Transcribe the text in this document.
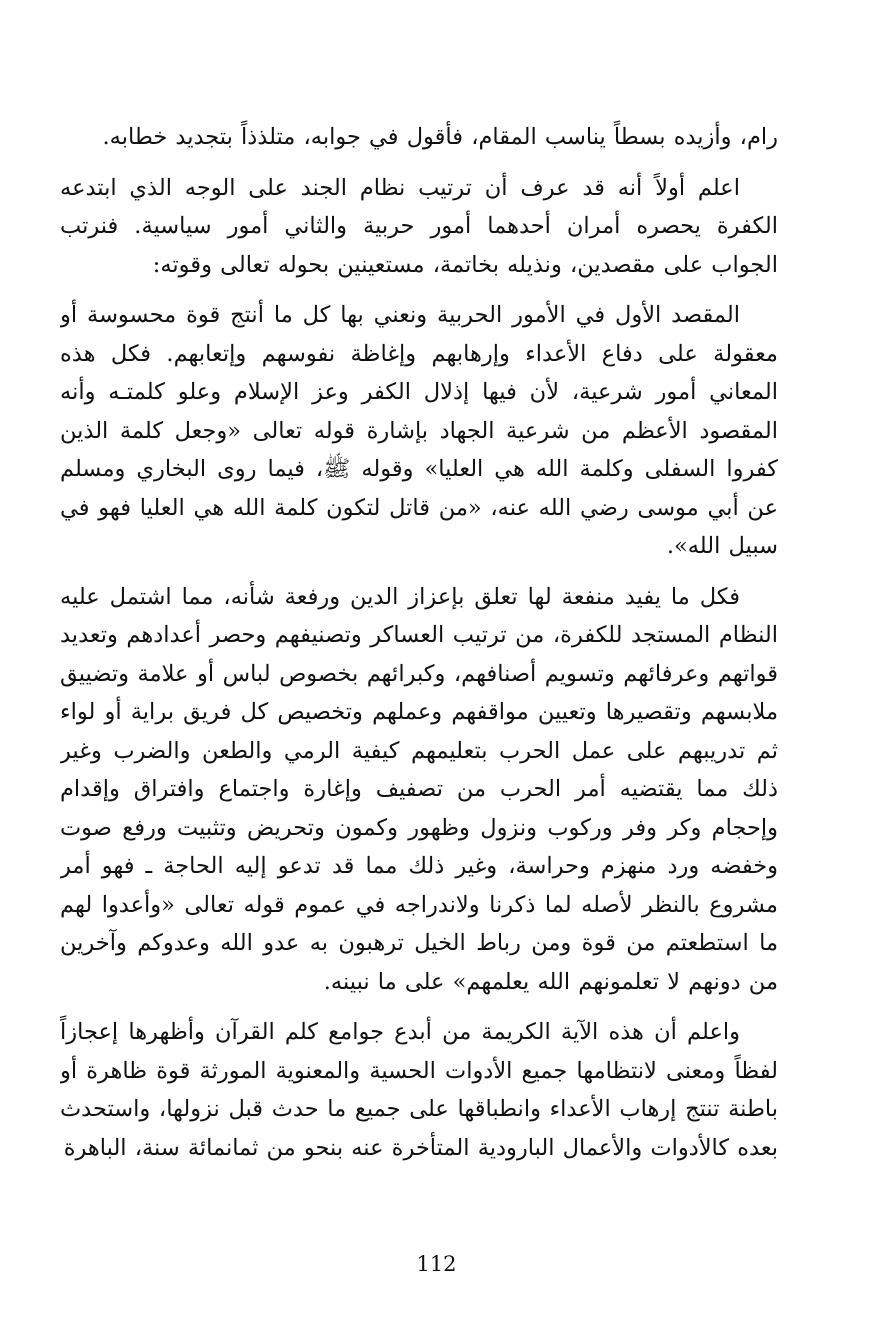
رام، وأزيده بسطاً يناسب المقام، فأقول في جوابه، متلذذاً بتجديد خطابه.

اعلم أولاً أنه قد عرف أن ترتيب نظام الجند على الوجه الذي ابتدعه الكفرة يحصره أمران أحدهما أمور حربية والثاني أمور سياسية. فنرتب الجواب على مقصدين، ونذيله بخاتمة، مستعينين بحوله تعالى وقوته:

المقصد الأول في الأمور الحربية ونعني بها كل ما أنتج قوة محسوسة أو معقولة على دفاع الأعداء وإرهابهم وإغاظة نفوسهم وإتعابهم. فكل هذه المعاني أمور شرعية، لأن فيها إذلال الكفر وعز الإسلام وعلو كلمتـه وأنه المقصود الأعظم من شرعية الجهاد بإشارة قوله تعالى «وجعل كلمة الذين كفروا السفلى وكلمة الله هي العليا» وقوله ﷺ، فيما روى البخاري ومسلم عن أبي موسى رضي الله عنه، «من قاتل لتكون كلمة الله هي العليا فهو في سبيل الله».

فكل ما يفيد منفعة لها تعلق بإعزاز الدين ورفعة شأنه، مما اشتمل عليه النظام المستجد للكفرة، من ترتيب العساكر وتصنيفهم وحصر أعدادهم وتعديد قواتهم وعرفائهم وتسويم أصنافهم، وكبرائهم بخصوص لباس أو علامة وتضييق ملابسهم وتقصيرها وتعيين مواقفهم وعملهم وتخصيص كل فريق براية أو لواء ثم تدريبهم على عمل الحرب بتعليمهم كيفية الرمي والطعن والضرب وغير ذلك مما يقتضيه أمر الحرب من تصفيف وإغارة واجتماع وافتراق وإقدام وإحجام وكر وفر وركوب ونزول وظهور وكمون وتحريض وتثبيت ورفع صوت وخفضه ورد منهزم وحراسة، وغير ذلك مما قد تدعو إليه الحاجة ـ فهو أمر مشروع بالنظر لأصله لما ذكرنا ولاندراجه في عموم قوله تعالى «وأعدوا لهم ما استطعتم من قوة ومن رباط الخيل ترهبون به عدو الله وعدوكم وآخرين من دونهم لا تعلمونهم الله يعلمهم» على ما نبينه.

واعلم أن هذه الآية الكريمة من أبدع جوامع كلم القرآن وأظهرها إعجازاً لفظاً ومعنى لانتظامها جميع الأدوات الحسية والمعنوية المورثة قوة ظاهرة أو باطنة تنتج إرهاب الأعداء وانطباقها على جميع ما حدث قبل نزولها، واستحدث بعده كالأدوات والأعمال البارودية المتأخرة عنه بنحو من ثمانمائة سنة، الباهرة

112
